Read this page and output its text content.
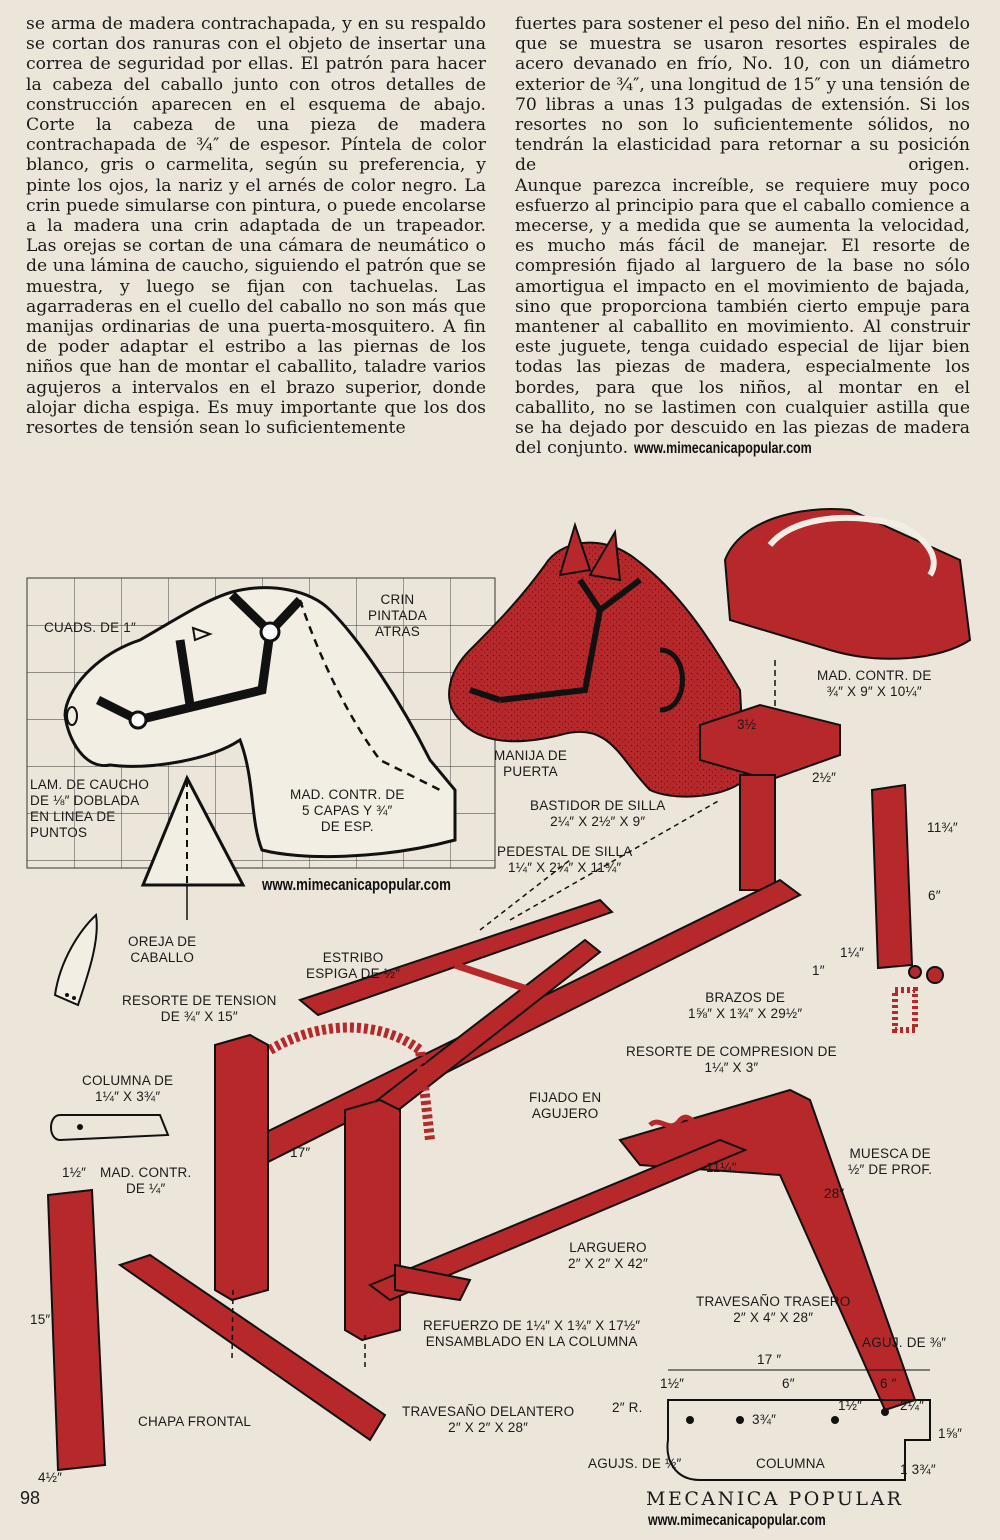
se arma de madera contrachapada, y en su respaldo se cortan dos ranuras con el objeto de insertar una correa de seguridad por ellas. El patrón para hacer la cabeza del caballo junto con otros detalles de construcción aparecen en el esquema de abajo. Corte la cabeza de una pieza de madera contrachapada de ¾″ de espesor. Píntela de color blanco, gris o carmelita, según su preferencia, y pinte los ojos, la nariz y el arnés de color negro. La crin puede simularse con pintura, o puede encolarse a la madera una crin adaptada de un trapeador.

Las orejas se cortan de una cámara de neumático o de una lámina de caucho, siguiendo el patrón que se muestra, y luego se fijan con tachuelas. Las agarraderas en el cuello del caballo no son más que manijas ordinarias de una puerta-mosquitero. A fin de poder adaptar el estribo a las piernas de los niños que han de montar el caballito, taladre varios agujeros a intervalos en el brazo superior, donde alojar dicha espiga. Es muy importante que los dos resortes de tensión sean lo suficientemente

fuertes para sostener el peso del niño. En el modelo que se muestra se usaron resortes espirales de acero devanado en frío, No. 10, con un diámetro exterior de ¾″, una longitud de 15″ y una tensión de 70 libras a unas 13 pulgadas de extensión. Si los resortes no son lo suficientemente sólidos, no tendrán la elasticidad para retornar a su posición de origen.

Aunque parezca increíble, se requiere muy poco esfuerzo al principio para que el caballo comience a mecerse, y a medida que se aumenta la velocidad, es mucho más fácil de manejar. El resorte de compresión fijado al larguero de la base no sólo amortigua el impacto en el movimiento de bajada, sino que proporciona también cierto empuje para mantener al caballito en movimiento. Al construir este juguete, tenga cuidado especial de lijar bien todas las piezas de madera, especialmente los bordes, para que los niños, al montar en el caballito, no se lastimen con cualquier astilla que se ha dejado por descuido en las piezas de madera del conjunto. www.mimecanicapopular.com

CUADS. DE 1″
CRIN
PINTADA
ATRAS
LAM. DE CAUCHO
DE ⅛″ DOBLADA
EN LINEA DE
PUNTOS
MAD. CONTR. DE
5 CAPAS Y ¾″
DE ESP.
OREJA DE
CABALLO
www.mimecanicapopular.com
MANIJA DE
PUERTA
BASTIDOR DE SILLA
2¼″ X 2½″ X 9″
PEDESTAL DE SILLA
1¼″ X 2¼″ X 11¾″
MAD. CONTR. DE
¾″ X 9″ X 10¼″
3½
2½″
11¾″
6″
1¼″
1″
ESTRIBO
ESPIGA DE ½″
RESORTE DE TENSION
DE ¾″ X 15″
BRAZOS DE
1⅝″ X 1¾″ X 29½″
RESORTE DE COMPRESION DE
1¼″ X 3″
COLUMNA DE
1¼″ X 3¾″	FIJADO EN
AGUJERO
MUESCA DE
½″ DE PROF.
17″
1½″ MAD. CONTR.
DE ¼″
11¼″
28″
LARGUERO
2″ X 2″ X 42″
TRAVESAÑO TRASERO
2″ X 4″ X 28″
REFUERZO DE 1¼″ X 1¾″ X 17½″
ENSAMBLADO EN LA COLUMNA
15″
CHAPA FRONTAL
TRAVESAÑO DELANTERO
2″ X 2″ X 28″
4½″
AGUJ. DE ⅜″
17 ″
1½″	6″	6 ″
2″ R.	1½″	2¼″
3¾″
1⅝″
AGUJS. DE ½″	COLUMNA	1 3¾″
98	MECANICA POPULAR
www.mimecanicapopular.com
